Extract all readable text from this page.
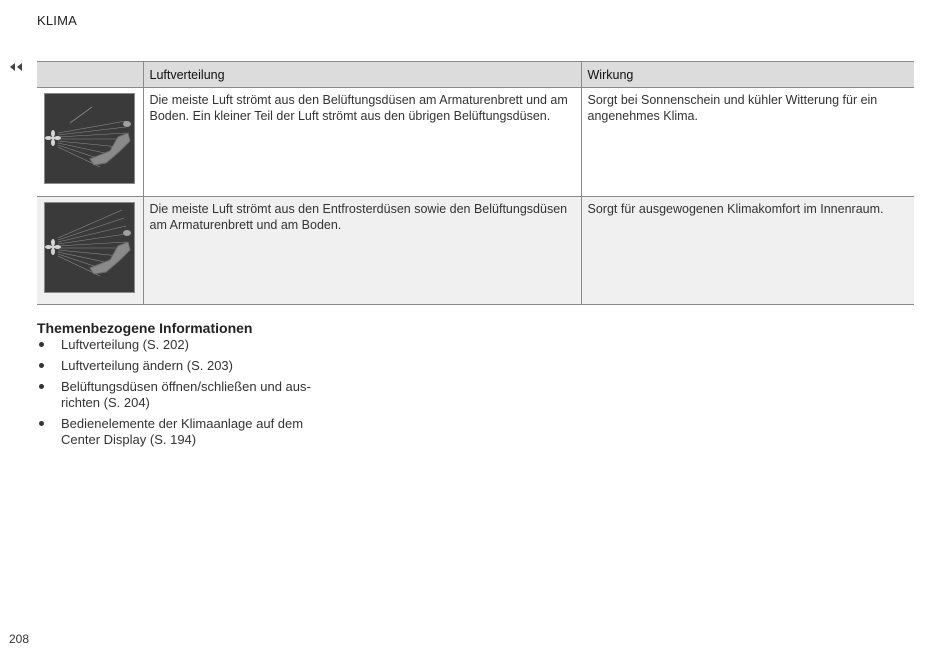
KLIMA
	Luftverteilung	Wirkung

	Die meiste Luft strömt aus den Belüftungsdüsen am Armaturenbrett und am Boden. Ein kleiner Teil der Luft strömt aus den übrigen Belüftungsdüsen.	Sorgt bei Sonnenschein und kühler Witterung für ein angenehmes Klima.

	Die meiste Luft strömt aus den Entfrosterdüsen sowie den Belüftungsdüsen am Armaturenbrett und am Boden.	Sorgt für ausgewogenen Klimakomfort im Innenraum.
Themenbezogene Informationen
Luftverteilung (S. 202)
Luftverteilung ändern (S. 203)
Belüftungsdüsen öffnen/schließen und aus-richten (S. 204)
Bedienelemente der Klimaanlage auf dem Center Display (S. 194)
208
